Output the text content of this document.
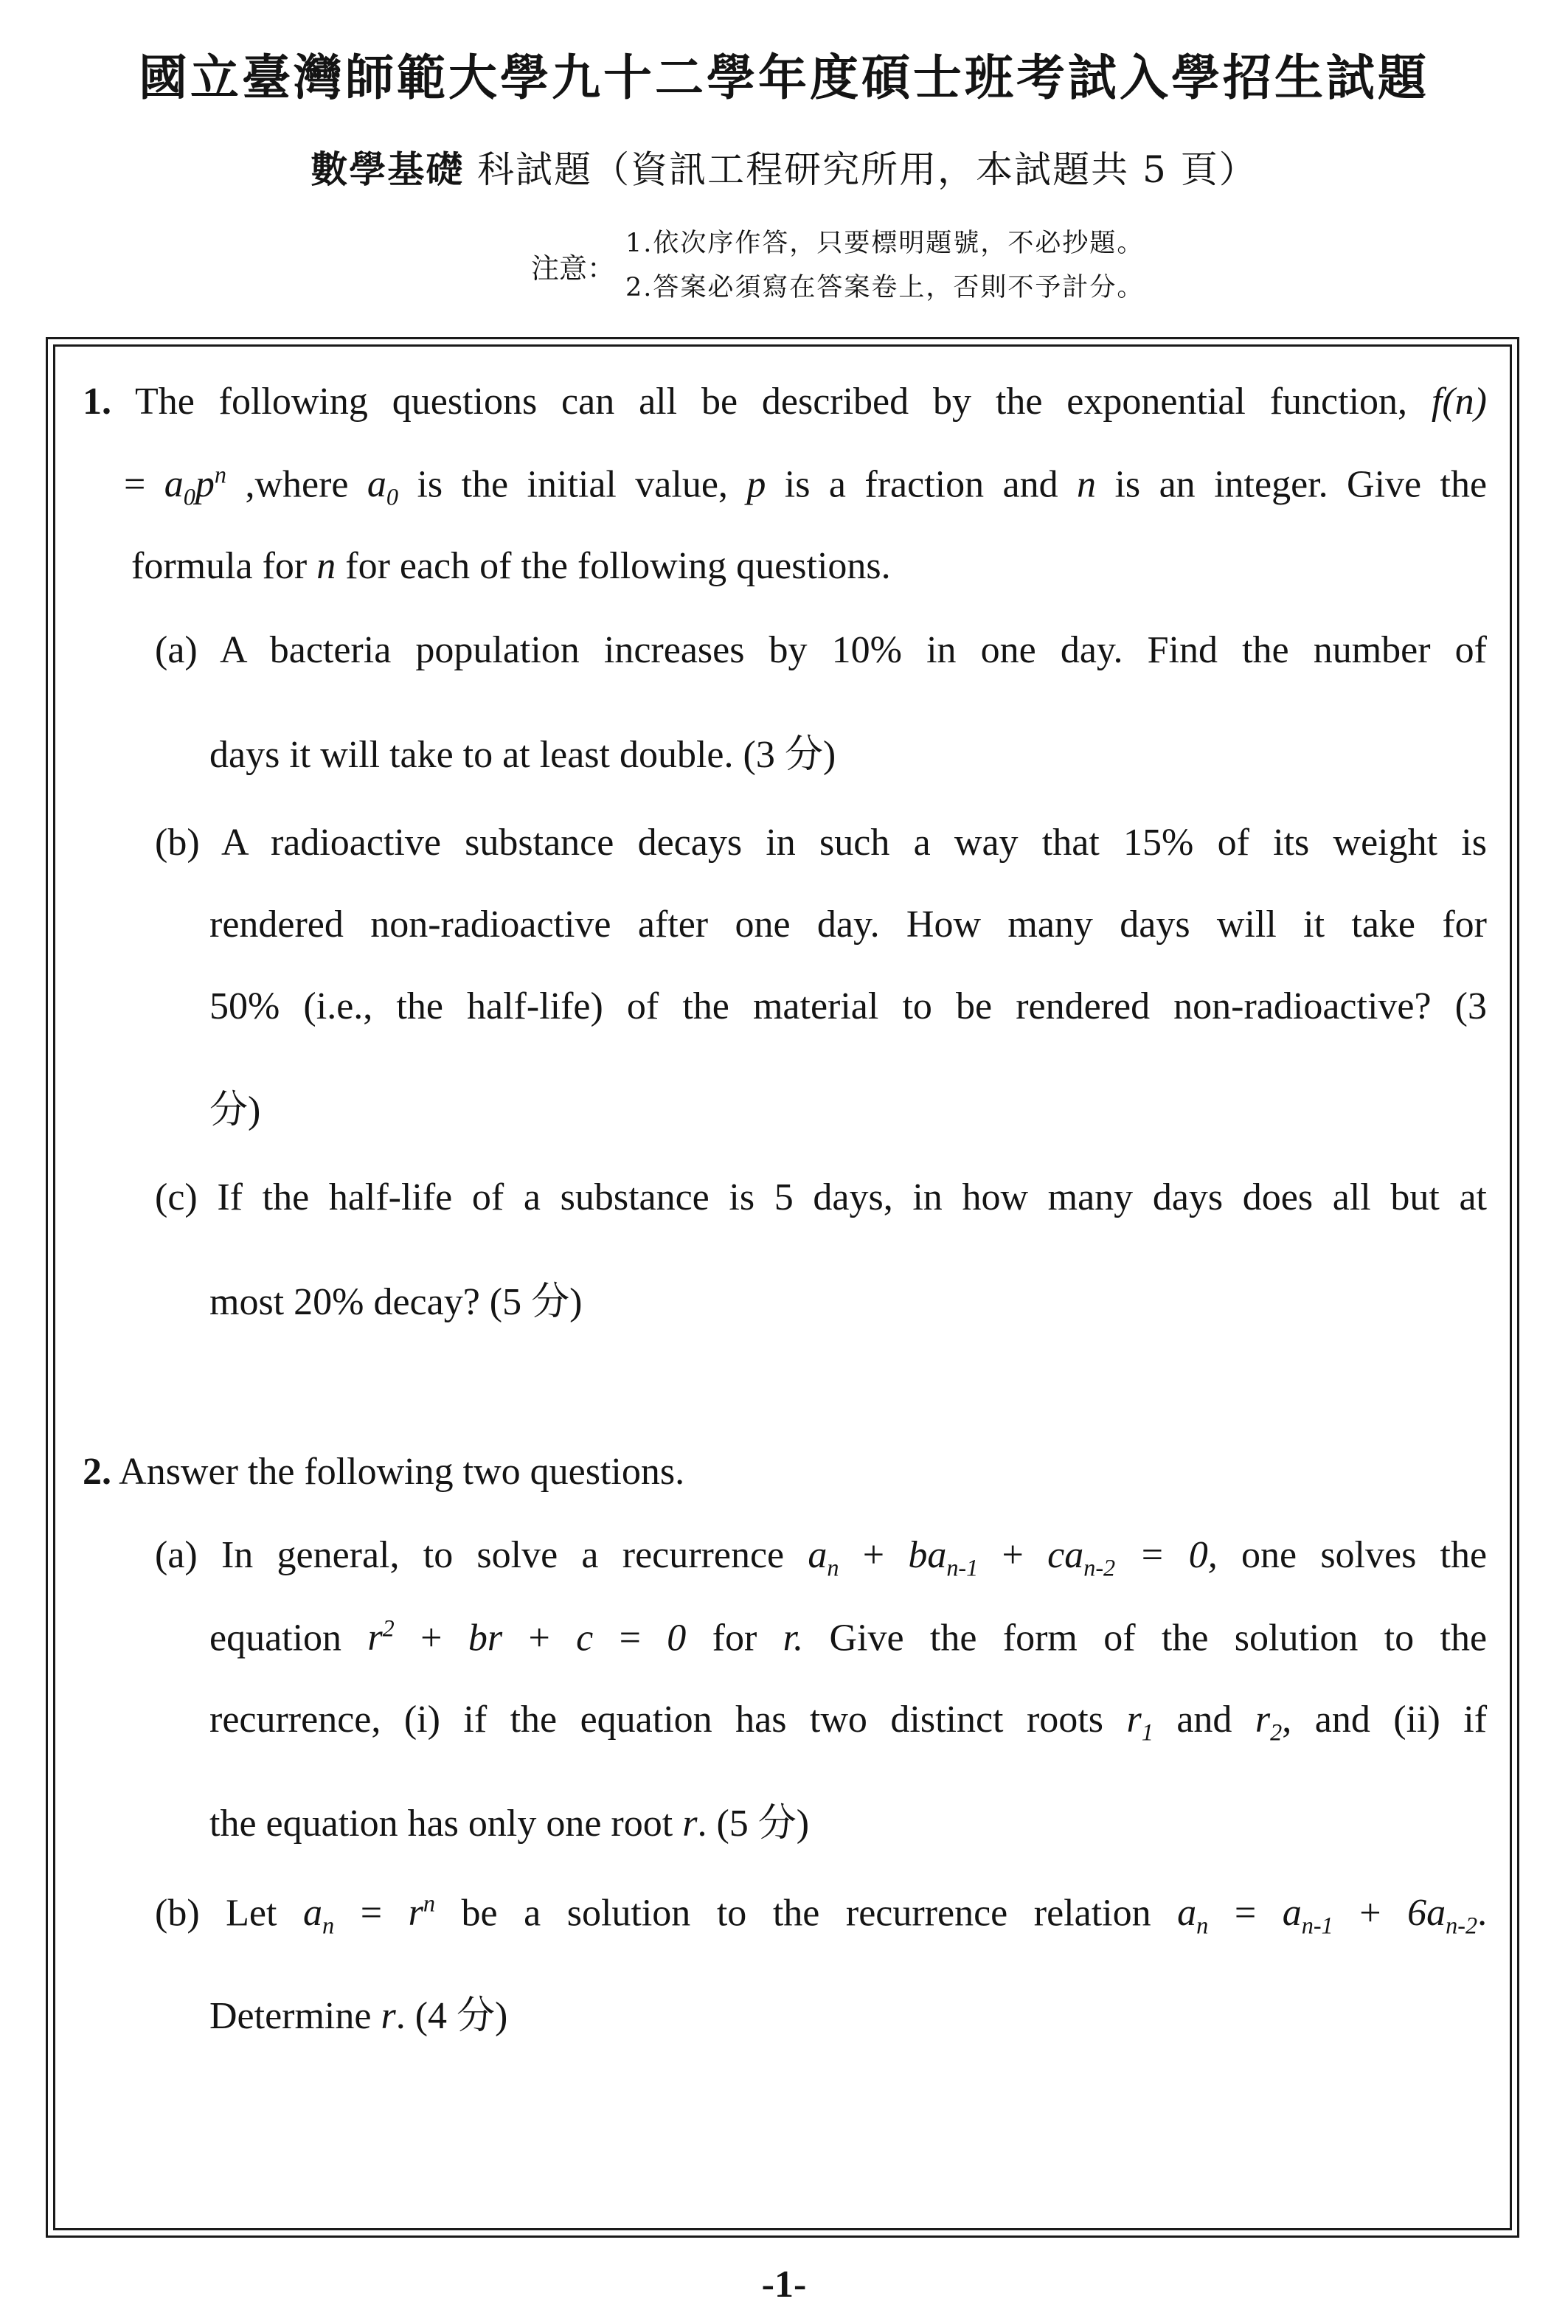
國立臺灣師範大學九十二學年度碩士班考試入學招生試題
數學基礎 科試題（資訊工程研究所用，本試題共 5 頁）
注意：
1.依次序作答，只要標明題號，不必抄題。
2.答案必須寫在答案卷上，否則不予計分。
1. The following questions can all be described by the exponential function, f(n)
= $a_0p^n$ ,where $a_0$ is the initial value, p is a fraction and n is an integer. Give the
formula for n for each of the following questions.
(a) A bacteria population increases by 10% in one day. Find the number of
days it will take to at least double. (3 分)
(b) A radioactive substance decays in such a way that 15% of its weight is
rendered non-radioactive after one day. How many days will it take for
50% (i.e., the half-life) of the material to be rendered non-radioactive? (3
分)
(c) If the half-life of a substance is 5 days, in how many days does all but at
most 20% decay? (5 分)
2. Answer the following two questions.
(a) In general, to solve a recurrence $a_n + ba_{n-1} + ca_{n-2} = 0$, one solves the
equation $r^2$ + br + c = 0 for r. Give the form of the solution to the
recurrence, (i) if the equation has two distinct roots $r_1$ and $r_2$, and (ii) if
the equation has only one root r. (5 分)
(b) Let $a_n = r^n$ be a solution to the recurrence relation $a_n = a_{n-1} + 6a_{n-2}$.
Determine r. (4 分)
-1-
